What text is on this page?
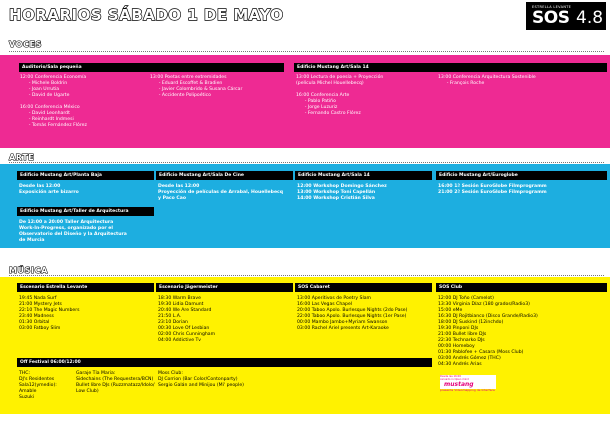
HORARIOS SÁBADO 1 DE MAYO	ESTRELLA LEVANTE
SOS 4.8
VOCES
Auditorio/Sala pequeña
12:00 Conferencia Economía
- Michele Boldrin
- Joan Urrutia
- David de Ugarte

16:00 Conferencia México
- David Leonhardt
- Reinhardt Indmesi
- Tomás Fernández Flórez
13:00 Poetas entre extremidades
- Eduard Escoffet & Bradien
- Javier Colombrido & Susana Cárcar
- Accidente Polipoético
Edificio Mustang Art/Sala 14
13:00 Lectura de poesía + Proyección
(película Michel Houellebecq)

16:00 Conferencia Arte
- Pablo Patiño
- Jorge Luzuriz
- Fernando Castro Flórez
13:00 Conferencia Arquitectura Sostenible
- François Roche
ARTE
Edificio Mustang Art/Planta Baja
Desde las 12:00
Exposición arte bizarro
Edificio Mustang Art/Taller de Arquitectura
De 12:00 a 20:00 Taller Arquitectura
Work-In-Progress, organizado por el
Observatorio del Diseño y la Arquitectura
de Murcia
Edificio Mustang Art/Sala De Cine
Desde las 12:00
Proyección de películas de Arrabal, Houellebecq
y Paco Cao
Edificio Mustang Art/Sala 14
12:00 Workshop Domingo Sánchez
13:00 Workshop Toni Capellán
14:00 Workshop Cristián Silva
Edificio Mustang Art/Euroglobe
16:00 1ª Sesión EuroGlobe Filmprogramm
21:00 2ª Sesión EuroGlobe Filmprogramm
MÚSICA
Escenario Estrella Levante
19:45 Nada Surf
21:00 Mystery Jets
22:10 The Magic Numbers
23:40 Madness
01:30 Orbital
03:00 Fatboy Slim
Escenario Jägermeister
18:30 Warm Brave
19:30 Lidia Damunt
20:40 We Are Standard
21:50 L.A.
23:10 Dorian
00:30 Love Of Lesbian
02:00 Chris Cunningham
04:00 Addictive Tv
SOS Cabaret
13:00 Aperitivos de Poetry Slam
16:00 Las Vegas Chapel
20:00 Taboo Apolo. Burlesque Nights (2do Pase)
22:00 Taboo Apolo. Burlesque Nights (1er Pase)
00:00 Mambo Jambo+Myriam Swanson
03:00 Rachel Ariel presents Art-Karaoke
SOS Club
12:00 DJ Toño (Camelot)
13:30 Virginia Díaz (180 grados/Radio3)
15:00 eMe
16:30 DJ Rojitbianco (Disco Grande/Radio3)
18:00 DJ Suskind (12inchdo)
19:30 Pinponi DJs
21:00 Bullet libre DJs
22:30 Technarko DJs
00:00 Homeboy
01:30 Pablofee + Casara (Moss Club)
03:00 Andrés Gómez (THC)
04:30 Andrés Arias
Off Festival 06:00/12:00
THC:
DJ's Residentes
Sala12(ymedio):
Amable
Suzuki
Garaje Tía Maria:
Sidechains (The Requestera/BCN)
Bullet libre DJs (Ruzzmatazz/Idolo/
Low Club)
Moss Club:
DJ Corrion (Bar Color/Contonparty)
Sergio Galán and Minijou (Mi' people)
Desde las 16:00
carvado in Open mind
mustang
presenta Videomapping de Interface
